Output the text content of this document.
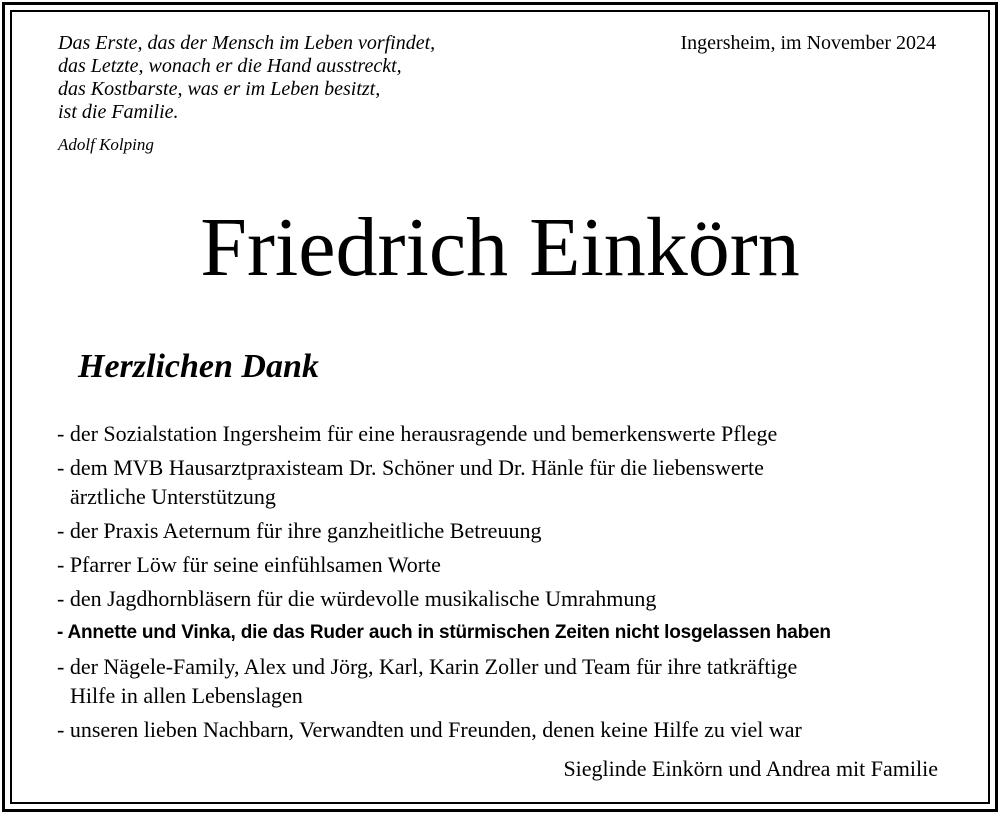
Das Erste, das der Mensch im Leben vorfindet,
das Letzte, wonach er die Hand ausstreckt,
das Kostbarste, was er im Leben besitzt,
ist die Familie.
Adolf Kolping
Ingersheim, im November 2024
Friedrich Einkörn
Herzlichen Dank
- der Sozialstation Ingersheim für eine herausragende und bemerkenswerte Pflege
- dem MVB Hausarztpraxisteam Dr. Schöner und Dr. Hänle für die liebenswerte
ärztliche Unterstützung
- der Praxis Aeternum für ihre ganzheitliche Betreuung
- Pfarrer Löw für seine einfühlsamen Worte
- den Jagdhornbläsern für die würdevolle musikalische Umrahmung
- Annette und Vinka, die das Ruder auch in stürmischen Zeiten nicht losgelassen haben
- der Nägele-Family, Alex und Jörg, Karl, Karin Zoller und Team für ihre tatkräftige
Hilfe in allen Lebenslagen
- unseren lieben Nachbarn, Verwandten und Freunden, denen keine Hilfe zu viel war
Sieglinde Einkörn und Andrea mit Familie
